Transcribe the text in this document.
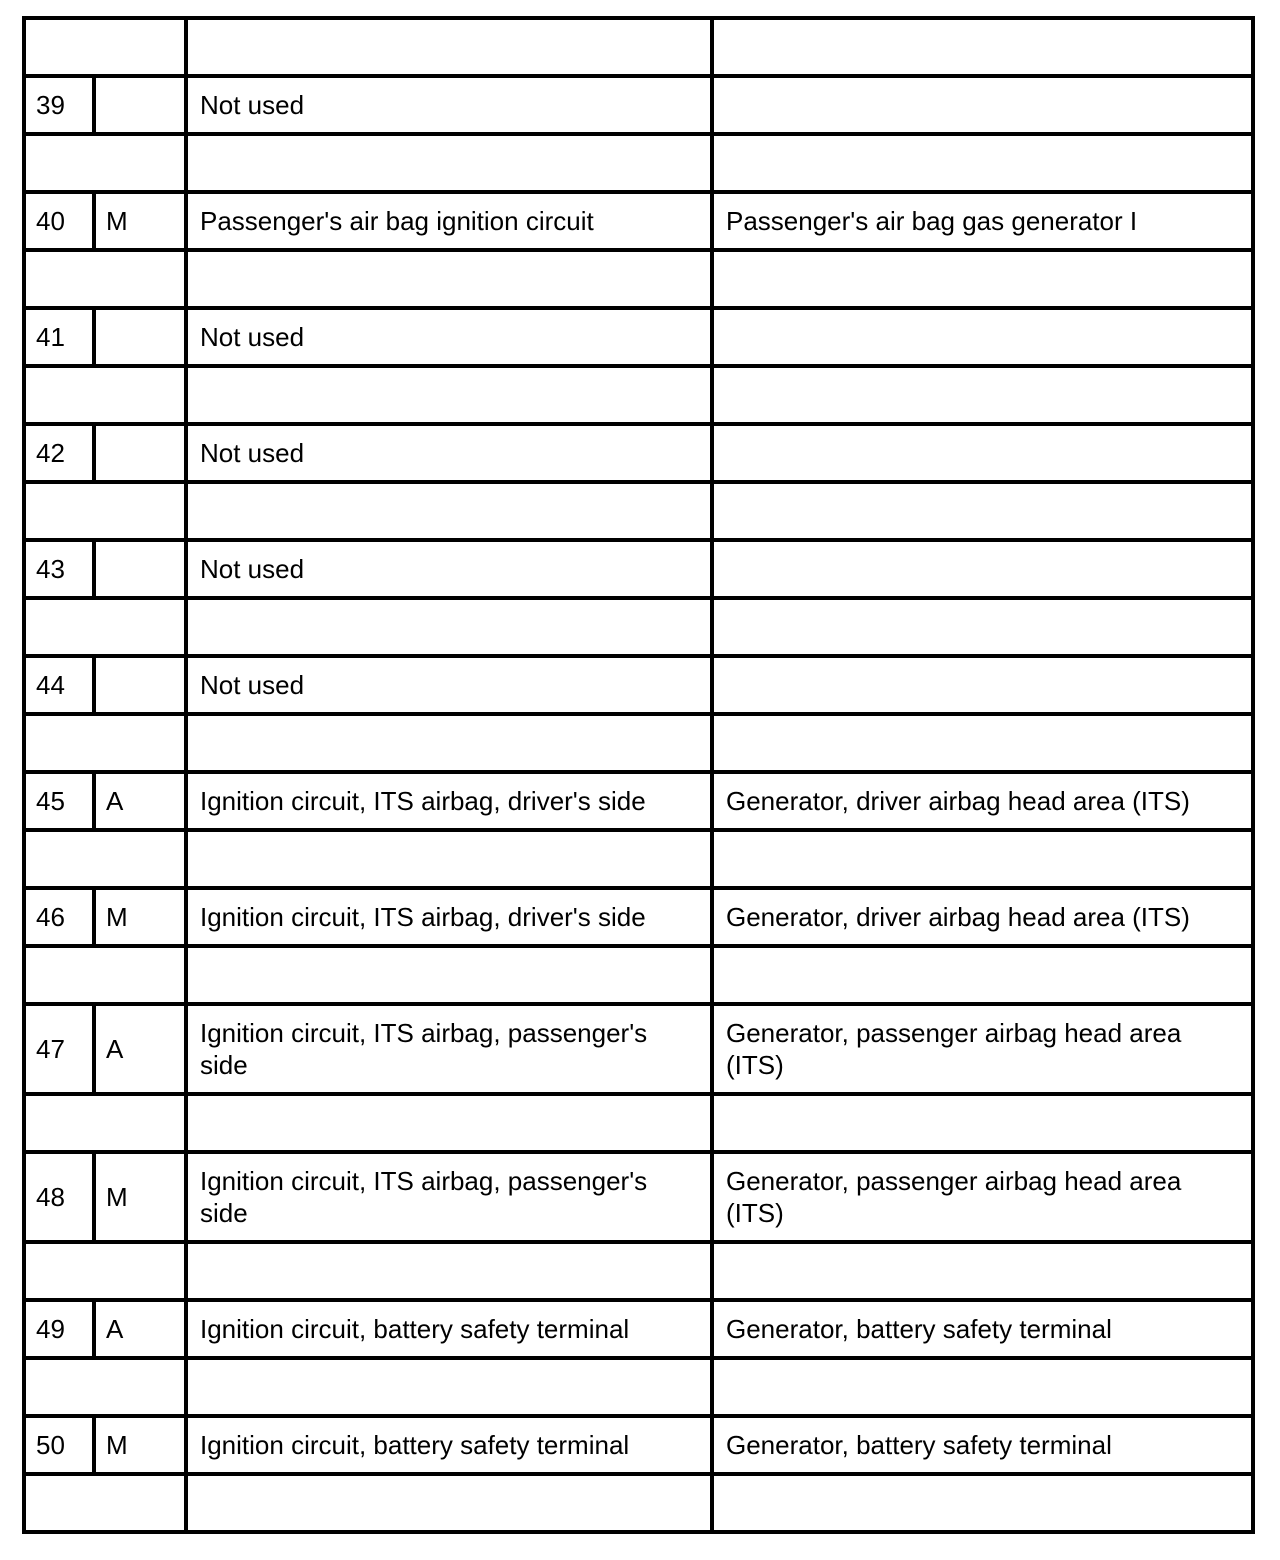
39		Not used	

40	M	Passenger's air bag ignition circuit	Passenger's air bag gas generator I

41		Not used	

42		Not used	

43		Not used	

44		Not used	

45	A	Ignition circuit, ITS airbag, driver's side	Generator, driver airbag head area (ITS)

46	M	Ignition circuit, ITS airbag, driver's side	Generator, driver airbag head area (ITS)

47	A	Ignition circuit, ITS airbag, passenger's side	Generator, passenger airbag head area (ITS)

48	M	Ignition circuit, ITS airbag, passenger's side	Generator, passenger airbag head area (ITS)

49	A	Ignition circuit, battery safety terminal	Generator, battery safety terminal

50	M	Ignition circuit, battery safety terminal	Generator, battery safety terminal
